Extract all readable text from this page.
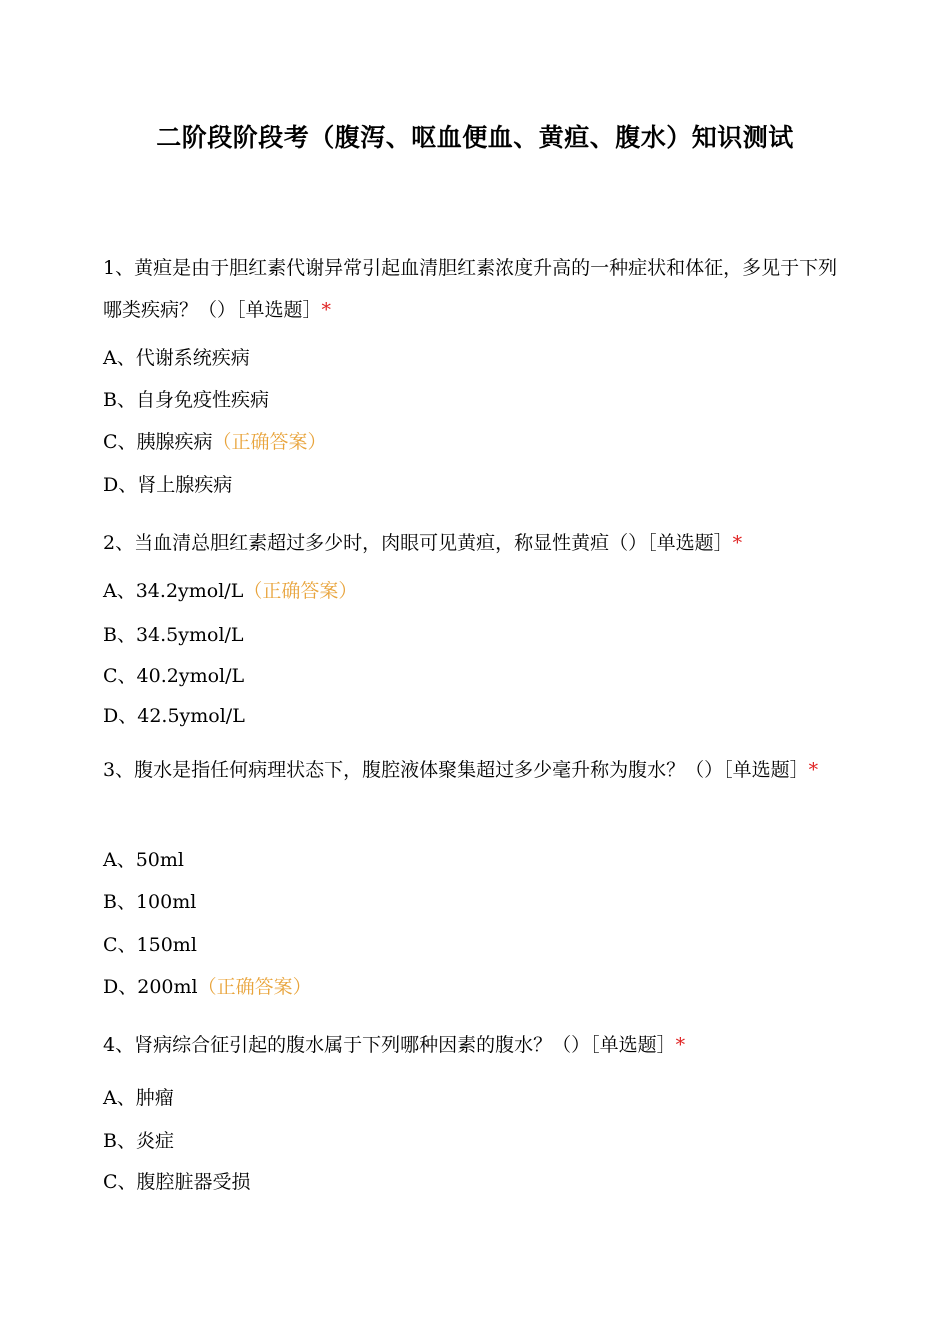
二阶段阶段考（腹泻、呕血便血、黄疸、腹水）知识测试
1、黄疸是由于胆红素代谢异常引起血清胆红素浓度升高的一种症状和体征，多见于下列哪类疾病？（）［单选题］*
A、代谢系统疾病
B、自身免疫性疾病
C、胰腺疾病（正确答案）
D、肾上腺疾病
2、当血清总胆红素超过多少时，肉眼可见黄疸，称显性黄疸（）［单选题］*
A、34.2ymol/L（正确答案）
B、34.5ymol/L
C、40.2ymol/L
D、42.5ymol/L
3、腹水是指任何病理状态下，腹腔液体聚集超过多少毫升称为腹水？（）［单选题］*
A、50ml
B、100ml
C、150ml
D、200ml（正确答案）
4、肾病综合征引起的腹水属于下列哪种因素的腹水？（）［单选题］*
A、肿瘤
B、炎症
C、腹腔脏器受损
